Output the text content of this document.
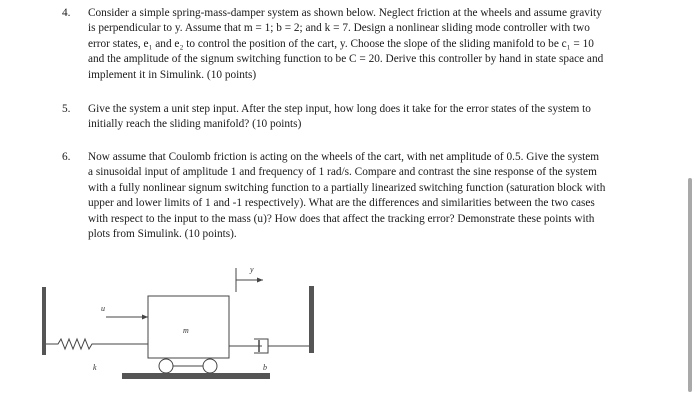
4. Consider a simple spring-mass-damper system as shown below. Neglect friction at the wheels and assume gravity
is perpendicular to y. Assume that m = 1; b = 2; and k = 7. Design a nonlinear sliding mode controller with two
error states, e₁ and e₂ to control the position of the cart, y. Choose the slope of the sliding manifold to be c₁ = 10
and the amplitude of the signum switching function to be C = 20. Derive this controller by hand in state space and
implement it in Simulink. (10 points)
5. Give the system a unit step input. After the step input, how long does it take for the error states of the system to
initially reach the sliding manifold? (10 points)
6. Now assume that Coulomb friction is acting on the wheels of the cart, with net amplitude of 0.5. Give the system
a sinusoidal input of amplitude 1 and frequency of 1 rad/s. Compare and contrast the sine response of the system
with a fully nonlinear signum switching function to a partially linearized switching function (saturation block with
upper and lower limits of 1 and -1 respectively). What are the differences and similarities between the two cases
with respect to the input to the mass (u)? How does that affect the tracking error? Demonstrate these points with
plots from Simulink. (10 points).
k
u
m
b
y
